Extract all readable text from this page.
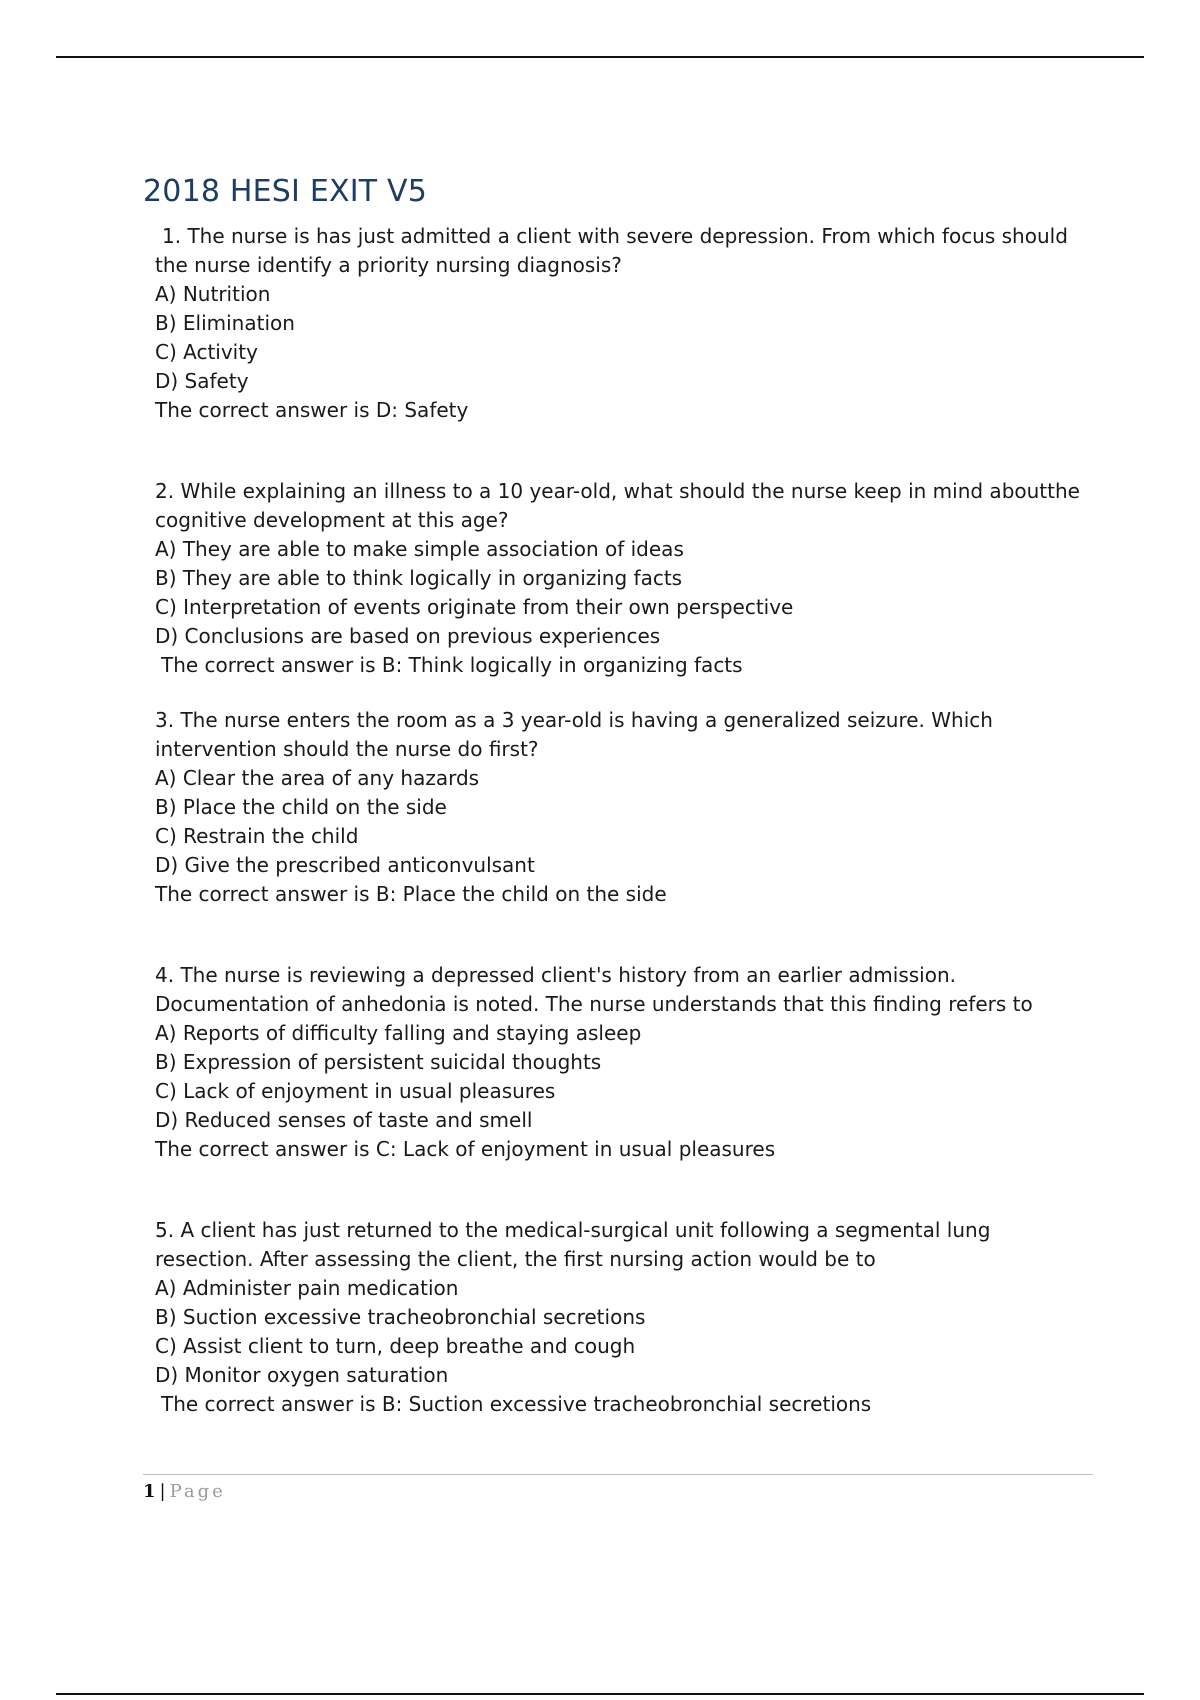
2018 HESI EXIT V5

1. The nurse is has just admitted a client with severe depression. From which focus should the nurse identify a priority nursing diagnosis?

A) Nutrition

B) Elimination

C) Activity

D) Safety

The correct answer is D: Safety

2. While explaining an illness to a 10 year-old, what should the nurse keep in mind aboutthe cognitive development at this age?

A) They are able to make simple association of ideas

B) They are able to think logically in organizing facts

C) Interpretation of events originate from their own perspective

D) Conclusions are based on previous experiences

The correct answer is B: Think logically in organizing facts

3. The nurse enters the room as a 3 year-old is having a generalized seizure. Which intervention should the nurse do first?

A) Clear the area of any hazards

B) Place the child on the side

C) Restrain the child

D) Give the prescribed anticonvulsant

The correct answer is B: Place the child on the side

4. The nurse is reviewing a depressed client's history from an earlier admission. Documentation of anhedonia is noted. The nurse understands that this finding refers to

A) Reports of difficulty falling and staying asleep

B) Expression of persistent suicidal thoughts

C) Lack of enjoyment in usual pleasures

D) Reduced senses of taste and smell

The correct answer is C: Lack of enjoyment in usual pleasures

5. A client has just returned to the medical-surgical unit following a segmental lung resection. After assessing the client, the first nursing action would be to

A) Administer pain medication

B) Suction excessive tracheobronchial secretions

C) Assist client to turn, deep breathe and cough

D) Monitor oxygen saturation

The correct answer is B: Suction excessive tracheobronchial secretions

1 | Page
